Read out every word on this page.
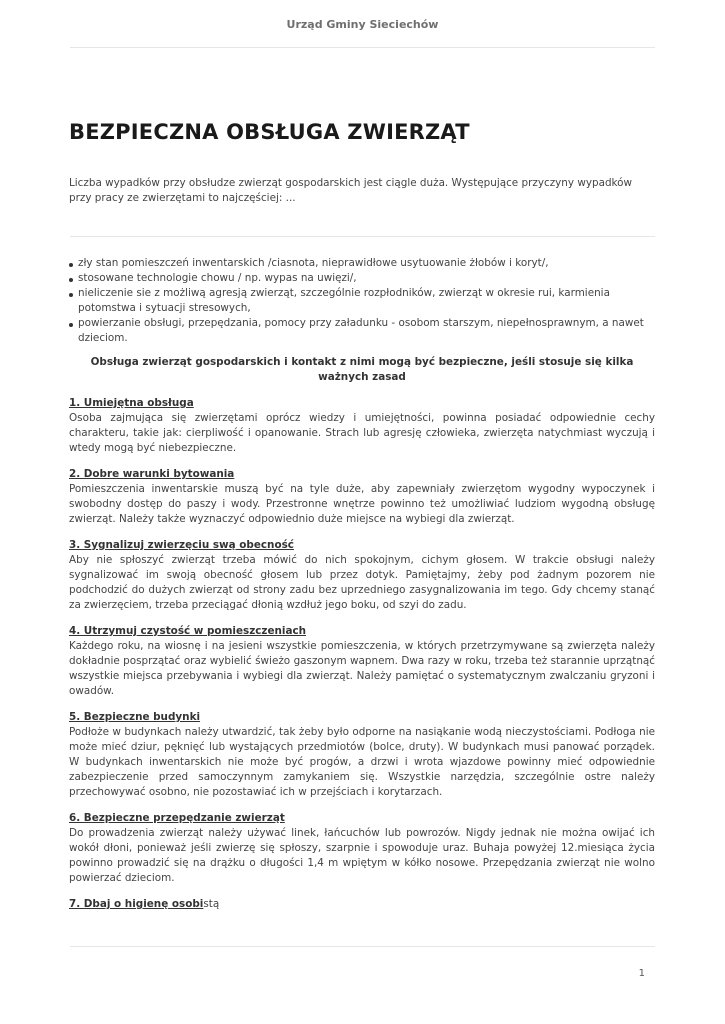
Urząd Gminy Sieciechów
BEZPIECZNA OBSŁUGA ZWIERZĄT

Liczba wypadków przy obsłudze zwierząt gospodarskich jest ciągle duża. Występujące przyczyny wypadków przy pracy ze zwierzętami to najczęściej: ...

zły stan pomieszczeń inwentarskich /ciasnota, nieprawidłowe usytuowanie żłobów i koryt/,
stosowane technologie chowu / np. wypas na uwięzi/,
nieliczenie sie z możliwą agresją zwierząt, szczególnie rozpłodników, zwierząt w okresie rui, karmienia potomstwa i sytuacji stresowych,
powierzanie obsługi, przepędzania, pomocy przy załadunku - osobom starszym, niepełnosprawnym, a nawet dzieciom.

Obsługa zwierząt gospodarskich i kontakt z nimi mogą być bezpieczne, jeśli stosuje się kilka ważnych zasad

1. Umiejętna obsługa

Osoba zajmująca się zwierzętami oprócz wiedzy i umiejętności, powinna posiadać odpowiednie cechy charakteru, takie jak: cierpliwość i opanowanie. Strach lub agresję człowieka, zwierzęta natychmiast wyczują i wtedy mogą być niebezpieczne.

2. Dobre warunki bytowania

Pomieszczenia inwentarskie muszą być na tyle duże, aby zapewniały zwierzętom wygodny wypoczynek i swobodny dostęp do paszy i wody. Przestronne wnętrze powinno też umożliwiać ludziom wygodną obsługę zwierząt. Należy także wyznaczyć odpowiednio duże miejsce na wybiegi dla zwierząt.

3. Sygnalizuj zwierzęciu swą obecność

Aby nie spłoszyć zwierząt trzeba mówić do nich spokojnym, cichym głosem. W trakcie obsługi należy sygnalizować im swoją obecność głosem lub przez dotyk. Pamiętajmy, żeby pod żadnym pozorem nie podchodzić do dużych zwierząt od strony zadu bez uprzedniego zasygnalizowania im tego. Gdy chcemy stanąć za zwierzęciem, trzeba przeciągać dłonią wzdłuż jego boku, od szyi do zadu.

4. Utrzymuj czystość w pomieszczeniach

Każdego roku, na wiosnę i na jesieni wszystkie pomieszczenia, w których przetrzymywane są zwierzęta należy dokładnie posprzątać oraz wybielić świeżo gaszonym wapnem. Dwa razy w roku, trzeba też starannie uprzątnąć wszystkie miejsca przebywania i wybiegi dla zwierząt. Należy pamiętać o systematycznym zwalczaniu gryzoni i owadów.

5. Bezpieczne budynki

Podłoże w budynkach należy utwardzić, tak żeby było odporne na nasiąkanie wodą nieczystościami. Podłoga nie może mieć dziur, pęknięć lub wystających przedmiotów (bolce, druty). W budynkach musi panować porządek. W budynkach inwentarskich nie może być progów, a drzwi i wrota wjazdowe powinny mieć odpowiednie zabezpieczenie przed samoczynnym zamykaniem się. Wszystkie narzędzia, szczególnie ostre należy przechowywać osobno, nie pozostawiać ich w przejściach i korytarzach.

6. Bezpieczne przepędzanie zwierząt

Do prowadzenia zwierząt należy używać linek, łańcuchów lub powrozów. Nigdy jednak nie można owijać ich wokół dłoni, ponieważ jeśli zwierzę się spłoszy, szarpnie i spowoduje uraz. Buhaja powyżej 12.miesiąca życia powinno prowadzić się na drążku o długości 1,4 m wpiętym w kółko nosowe. Przepędzania zwierząt nie wolno powierzać dzieciom.

7. Dbaj o higienę osobistą
1
